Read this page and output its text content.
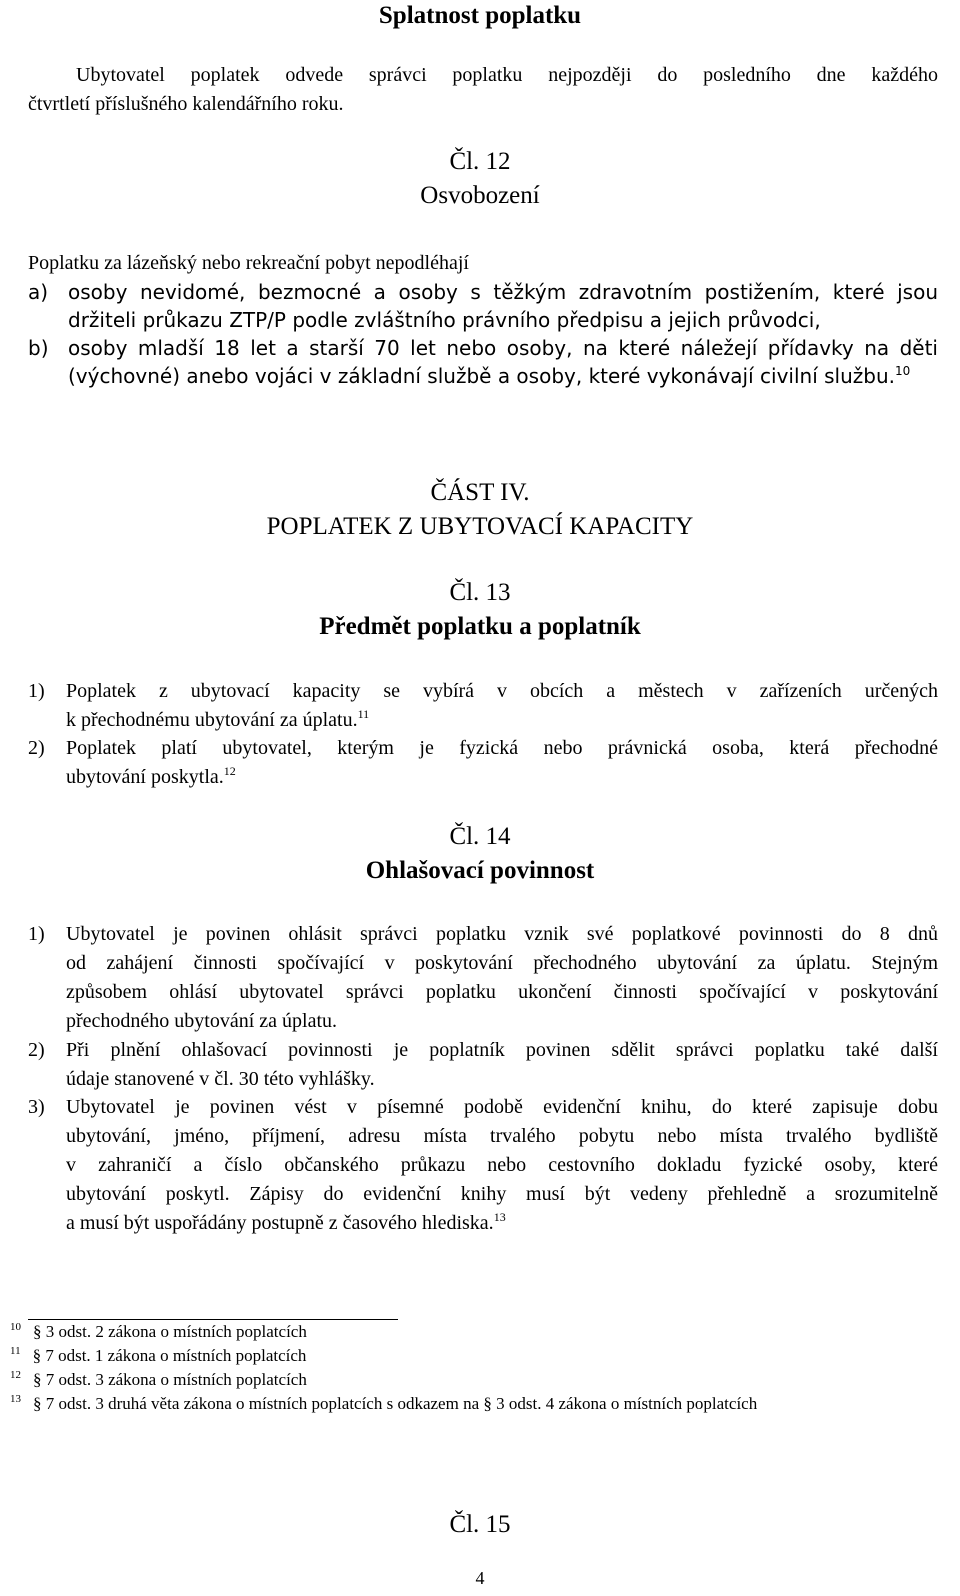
Splatnost poplatku

Ubytovatel poplatek odvede správci poplatku nejpozději do posledního dne každého
čtvrtletí příslušného kalendářního roku.

Čl. 12

Osvobození

Poplatku za lázeňský nebo rekreační pobyt nepodléhají
a) osoby nevidomé, bezmocné a osoby s těžkým zdravotním postižením, které jsou
držiteli průkazu ZTP/P podle zvláštního právního předpisu a jejich průvodci,
b) osoby mladší 18 let a starší 70 let nebo osoby, na které náležejí přídavky na děti
(výchovné) anebo vojáci v základní službě a osoby, které vykonávají civilní službu.$^{10}$

ČÁST IV.

POPLATEK Z UBYTOVACÍ KAPACITY

Čl. 13

Předmět poplatku a poplatník

1) Poplatek z ubytovací kapacity se vybírá v obcích a městech v zařízeních určených
k přechodnému ubytování za úplatu.$^{11}$
2) Poplatek platí ubytovatel, kterým je fyzická nebo právnická osoba, která přechodné
ubytování poskytla.$^{12}$

Čl. 14

Ohlašovací povinnost

1) Ubytovatel je povinen ohlásit správci poplatku vznik své poplatkové povinnosti do 8 dnů
od zahájení činnosti spočívající v poskytování přechodného ubytování za úplatu. Stejným
způsobem ohlásí ubytovatel správci poplatku ukončení činnosti spočívající v poskytování
přechodného ubytování za úplatu.
2) Při plnění ohlašovací povinnosti je poplatník povinen sdělit správci poplatku také další
údaje stanovené v čl. 30 této vyhlášky.
3) Ubytovatel je povinen vést v písemné podobě evidenční knihu, do které zapisuje dobu
ubytování, jméno, příjmení, adresu místa trvalého pobytu nebo místa trvalého bydliště
v zahraničí a číslo občanského průkazu nebo cestovního dokladu fyzické osoby, které
ubytování poskytl. Zápisy do evidenční knihy musí být vedeny přehledně a srozumitelně
a musí být uspořádány postupně z časového hlediska.$^{13}$
$^{10}$ § 3 odst. 2 zákona o místních poplatcích
$^{11}$ § 7 odst. 1 zákona o místních poplatcích
$^{12}$ § 7 odst. 3 zákona o místních poplatcích
$^{13}$ § 7 odst. 3 druhá věta zákona o místních poplatcích s odkazem na § 3 odst. 4 zákona o místních poplatcích

Čl. 15

4
